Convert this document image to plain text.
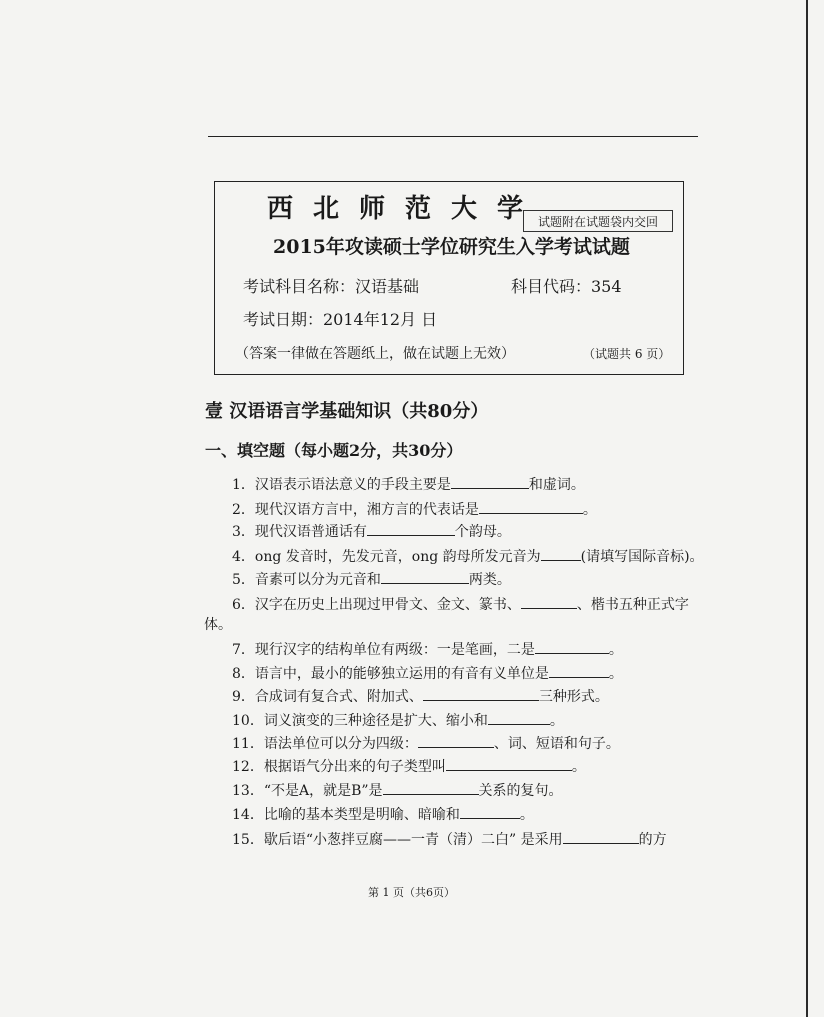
西北师范大学
试题附在试题袋内交回
2015年攻读硕士学位研究生入学考试试题
考试科目名称：汉语基础	科目代码：354
考试日期：2014年12月 日
（答案一律做在答题纸上，做在试题上无效）	（试题共 6 页）
壹 汉语语言学基础知识（共80分）
一、填空题（每小题2分，共30分）
1．汉语表示语法意义的手段主要是	和虚词。
2．现代汉语方言中，湘方言的代表话是	。
3．现代汉语普通话有	个韵母。
4．ong 发音时，先发元音，ong 韵母所发元音为	(请填写国际音标)。
5．音素可以分为元音和	两类。
6．汉字在历史上出现过甲骨文、金文、篆书、	、楷书五种正式字
体。
7．现行汉字的结构单位有两级：一是笔画，二是	。
8．语言中，最小的能够独立运用的有音有义单位是	。
9．合成词有复合式、附加式、	三种形式。
10．词义演变的三种途径是扩大、缩小和	。
11．语法单位可以分为四级：	、词、短语和句子。
12．根据语气分出来的句子类型叫	。
13．“不是A，就是B”是	关系的复句。
14．比喻的基本类型是明喻、暗喻和	。
15．歇后语“小葱拌豆腐——一青（清）二白” 是采用	的方
第 1 页（共6页）
